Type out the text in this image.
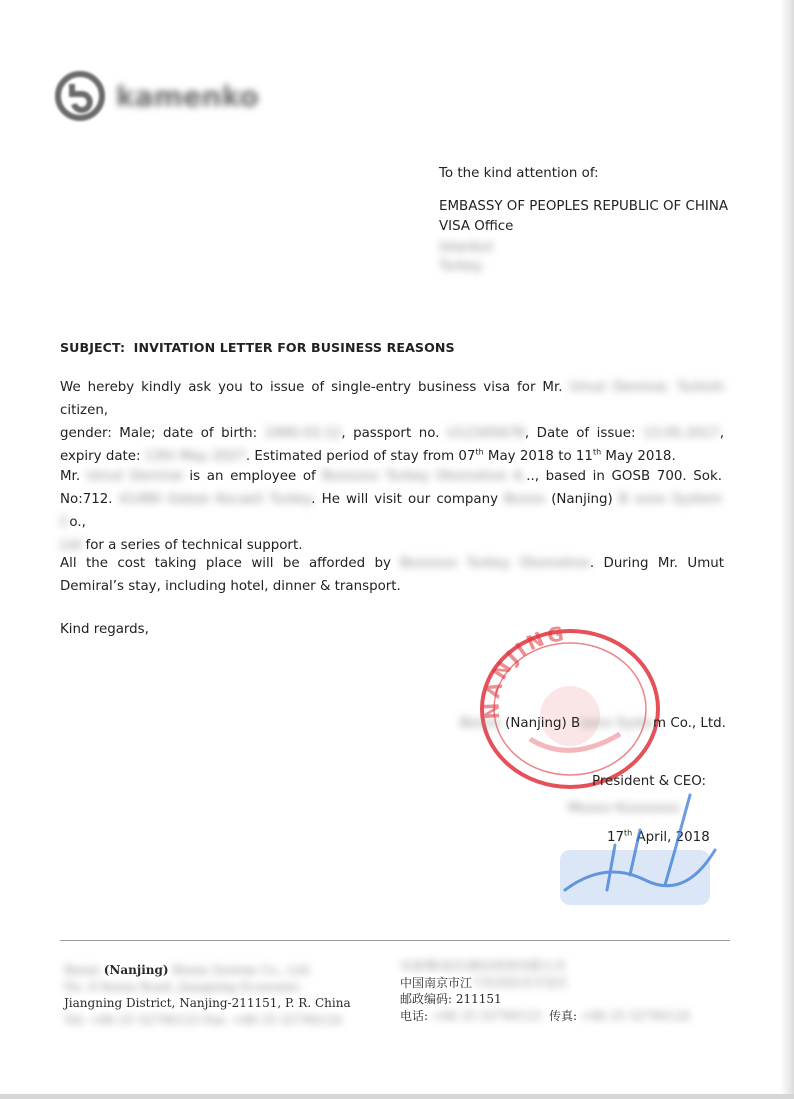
kamenko
To the kind attention of:
EMBASSY OF PEOPLES REPUBLIC OF CHINA
VISA Office
Istanbul
Turkey
SUBJECT: INVITATION LETTER FOR BUSINESS REASONS
We hereby kindly ask you to issue of single-entry business visa for Mr. Umut Demiral, Turkish citizen,
gender: Male; date of birth: 1990.03.12, passport no. U12345678, Date of issue: 13.05.2017,
expiry date: 13th May 2027. Estimated period of stay from 07th May 2018 to 11th May 2018.
Mr. Umut Demiral is an employee of Bxxxxxx Turkey Otomotive A..., based in GOSB 700. Sok.
No:712. 41480 Gebze Kocaeli Turkey. He will visit our company Bxxxx (Nanjing) B xxxx System Co.,
Ltd for a series of technical support.
All the cost taking place will be afforded by Bxxxxxx Turkey Otomotive. During Mr. Umut
Demiral’s stay, including hotel, dinner & transport.
Kind regards,
NANJING
Bxxxx (Nanjing) Bxxxx System Co., Ltd.
President & CEO:
Mxxxx Kxxxxxxx
17th April, 2018
Bxxxx (Nanjing) Bxxxx System Co., Ltd.
No. 8 Xxxxx Road, Jiangning Economic
Jiangning District, Nanjing-211151, P. R. China
Tel: +86 25 52790123 Fax: +86 25 52790124
布雷博(南京)制动系统有限公司
中国南京市江宁经济技术开发区
邮政编码: 211151
电话: +86 25 52790123 传真: +86 25 52790124
